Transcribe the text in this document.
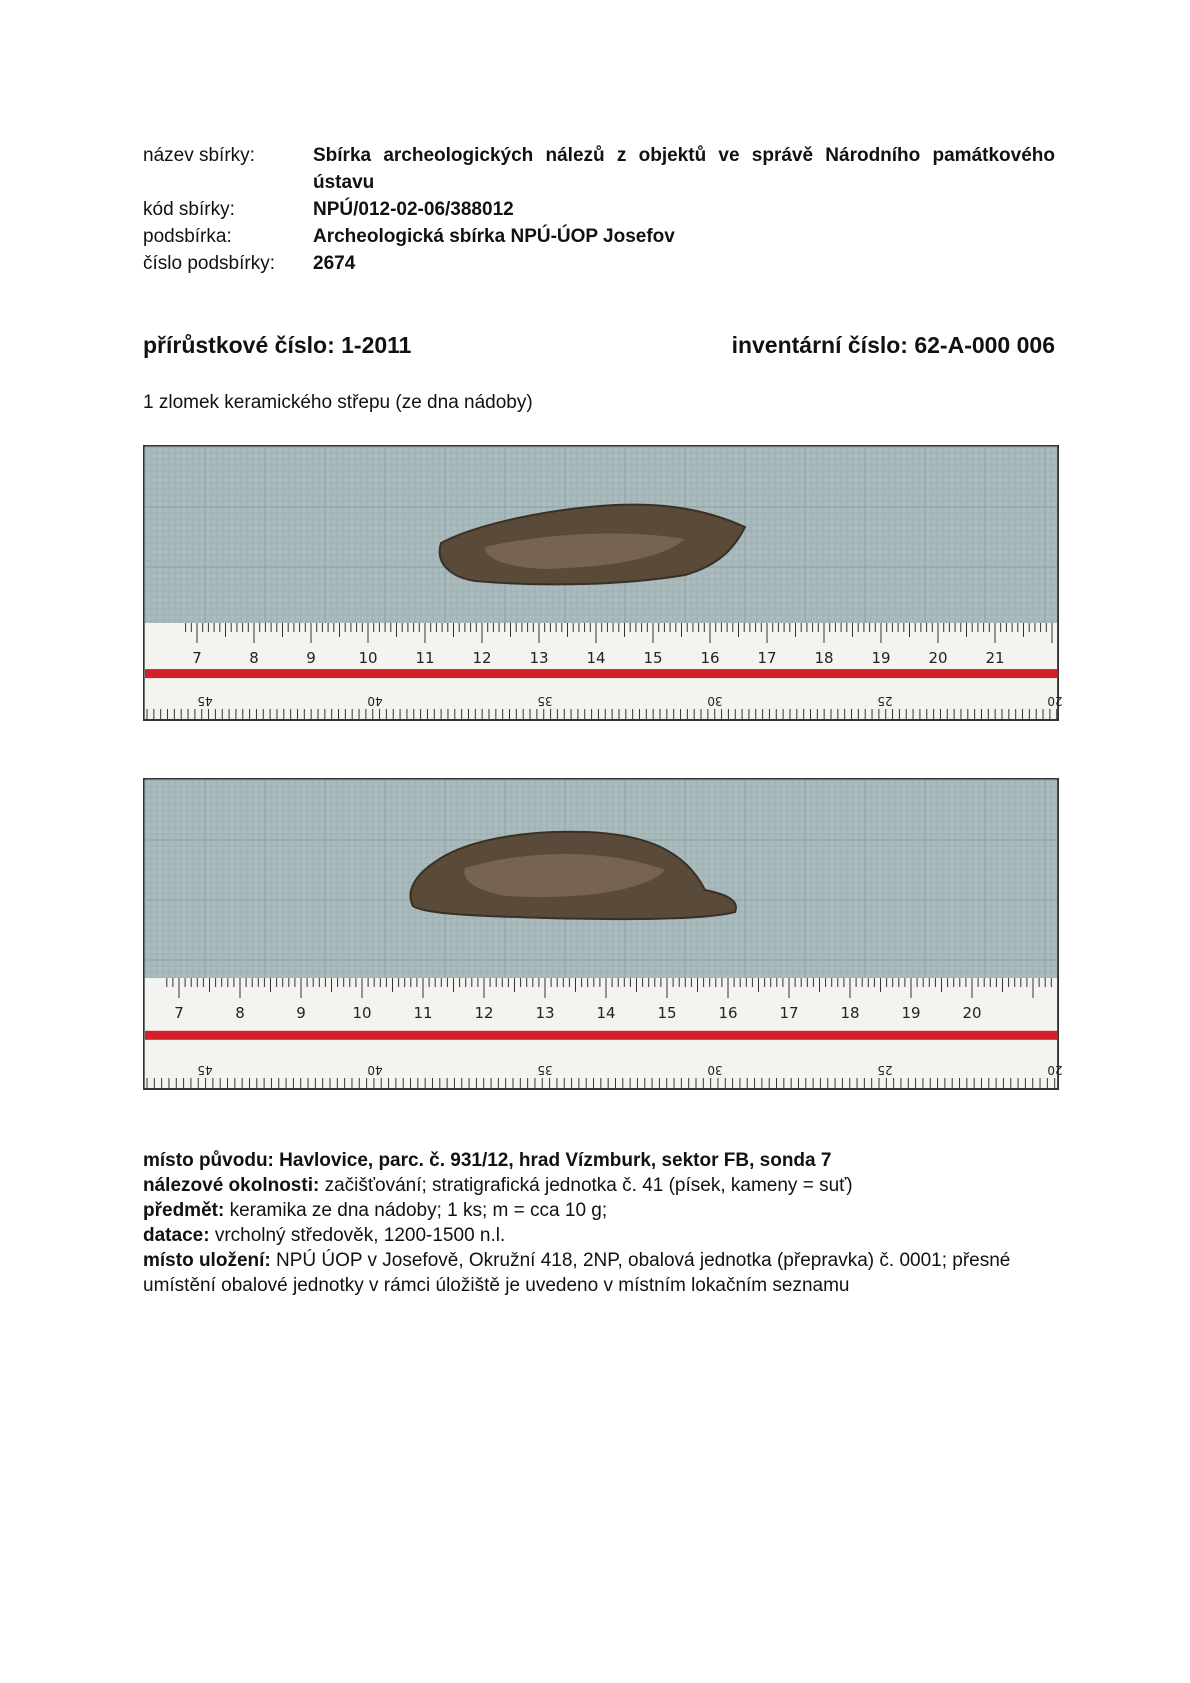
název sbírky:	Sbírka archeologických nálezů z objektů ve správě Národního památkového ústavu
kód sbírky:	NPÚ/012-02-06/388012
podsbírka:	Archeologická sbírka NPÚ-ÚOP Josefov
číslo podsbírky:	2674
přírůstkové číslo: 1-2011	inventární číslo: 62-A-000 006
1 zlomek keramického střepu (ze dna nádoby)
7	8	9	10	11	12	13	14	15	16	17	18	19	20	21
45	40	35	30	25	20
7	8	9	10	11	12	13	14	15	16	17	18	19	20
45	40	35	30	25	20
místo původu: Havlovice, parc. č. 931/12, hrad Vízmburk, sektor FB, sonda 7
nálezové okolnosti: začišťování; stratigrafická jednotka č. 41 (písek, kameny = suť)
předmět: keramika ze dna nádoby; 1 ks; m = cca 10 g;
datace: vrcholný středověk, 1200-1500 n.l.
místo uložení: NPÚ ÚOP v Josefově, Okružní 418, 2NP, obalová jednotka (přepravka) č. 0001; přesné umístění obalové jednotky v rámci úložiště je uvedeno v místním lokačním seznamu
